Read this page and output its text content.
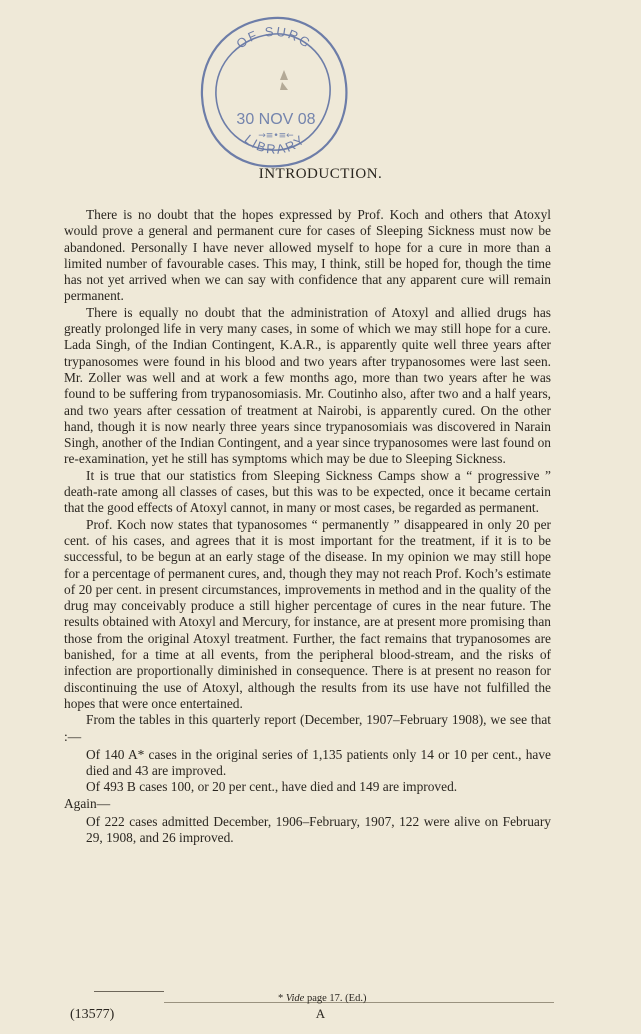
OF SURG
LIBRARY
30 NOV 08
→≡•≡←
INTRODUCTION.

There is no doubt that the hopes expressed by Prof. Koch and others that Atoxyl would prove a general and permanent cure for cases of Sleeping Sickness must now be abandoned. Personally I have never allowed myself to hope for a cure in more than a limited number of favourable cases. This may, I think, still be hoped for, though the time has not yet arrived when we can say with confidence that any apparent cure will remain permanent.

There is equally no doubt that the administration of Atoxyl and allied drugs has greatly prolonged life in very many cases, in some of which we may still hope for a cure. Lada Singh, of the Indian Contingent, K.A.R., is apparently quite well three years after trypanosomes were found in his blood and two years after trypanosomes were last seen. Mr. Zoller was well and at work a few months ago, more than two years after he was found to be suffering from trypanosomiasis. Mr. Coutinho also, after two and a half years, and two years after cessation of treatment at Nairobi, is apparently cured. On the other hand, though it is now nearly three years since trypanosomiais was discovered in Narain Singh, another of the Indian Contingent, and a year since trypanosomes were last found on re-examination, yet he still has symptoms which may be due to Sleeping Sickness.

It is true that our statistics from Sleeping Sickness Camps show a “ progressive ” death-rate among all classes of cases, but this was to be expected, once it became certain that the good effects of Atoxyl cannot, in many or most cases, be regarded as permanent.

Prof. Koch now states that typanosomes “ permanently ” disappeared in only 20 per cent. of his cases, and agrees that it is most important for the treatment, if it is to be successful, to be begun at an early stage of the disease. In my opinion we may still hope for a percentage of permanent cures, and, though they may not reach Prof. Koch’s estimate of 20 per cent. in present circumstances, improvements in method and in the quality of the drug may conceivably produce a still higher percentage of cures in the near future. The results obtained with Atoxyl and Mercury, for instance, are at present more promising than those from the original Atoxyl treatment. Further, the fact remains that trypanosomes are banished, for a time at all events, from the peripheral blood-stream, and the risks of infection are proportionally diminished in consequence. There is at present no reason for discontinuing the use of Atoxyl, although the results from its use have not fulfilled the hopes that were once entertained.

From the tables in this quarterly report (December, 1907–February 1908), we see that :—

Of 140 A* cases in the original series of 1,135 patients only 14 or 10 per cent., have died and 43 are improved.

Of 493 B cases 100, or 20 per cent., have died and 149 are improved.

Again—

Of 222 cases admitted December, 1906–February, 1907, 122 were alive on February 29, 1908, and 26 improved.

* Vide page 17. (Ed.)
(13577)	A
